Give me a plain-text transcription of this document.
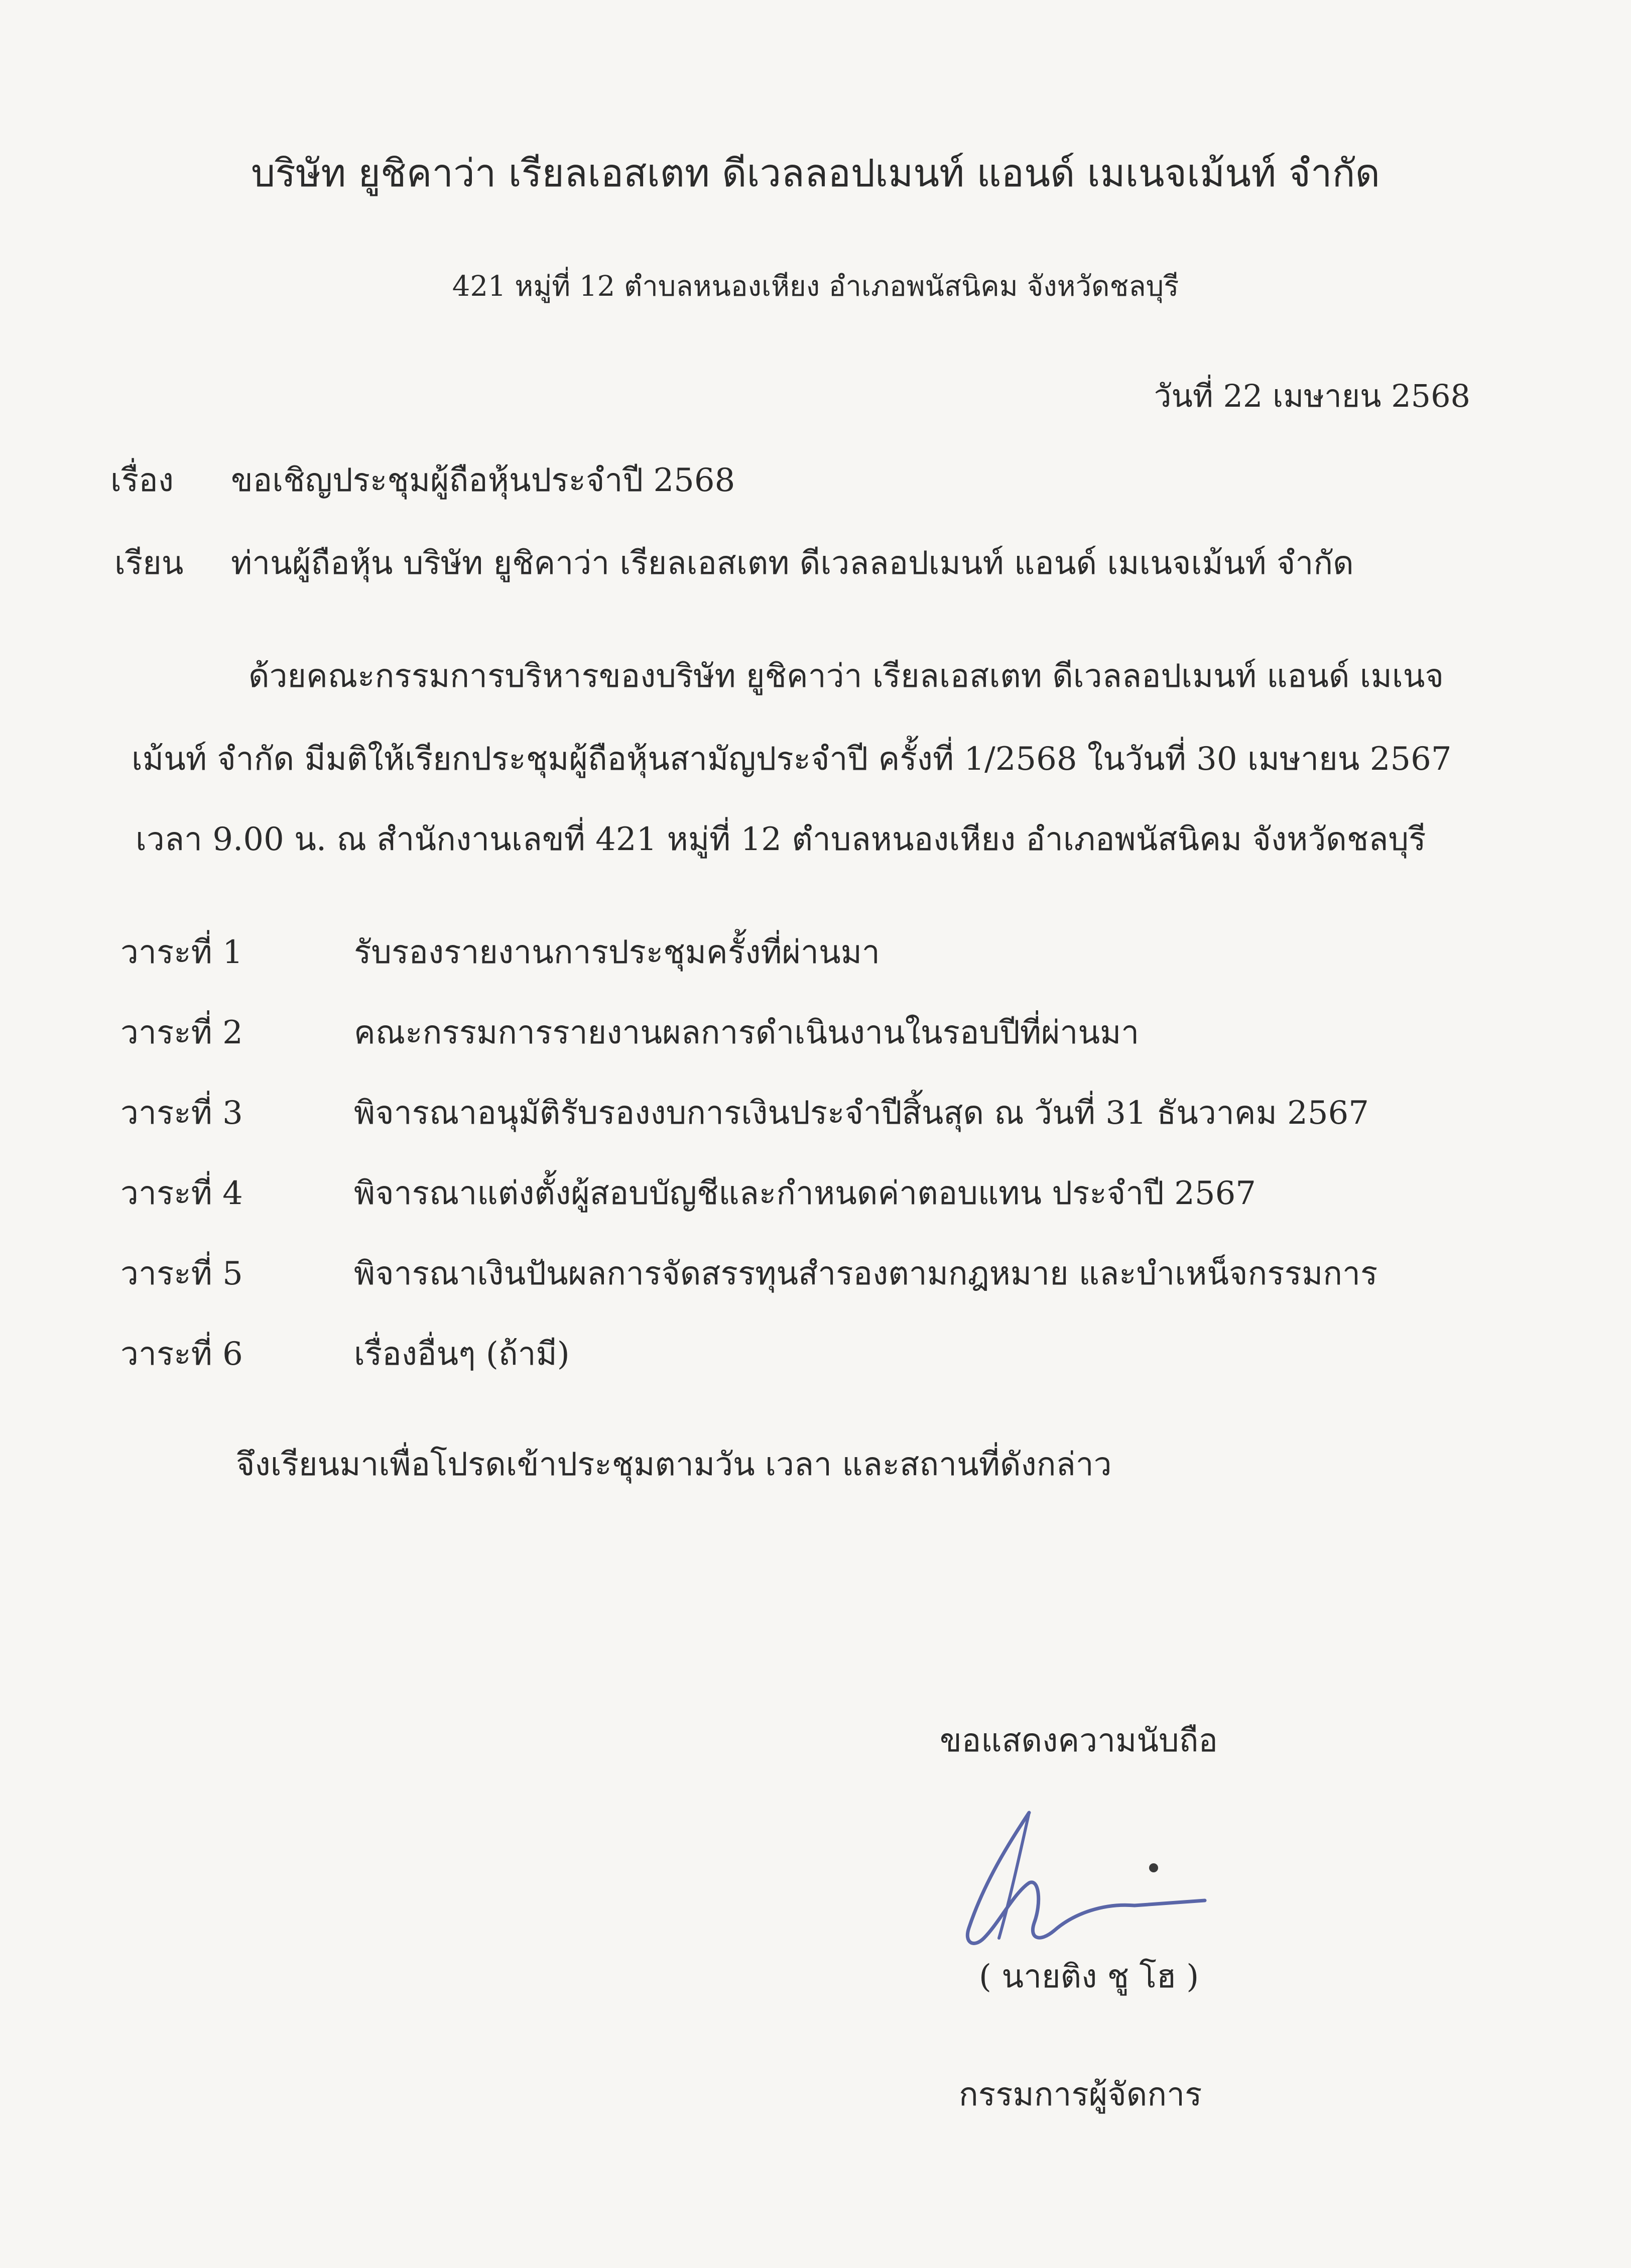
บริษัท ยูชิคาว่า เรียลเอสเตท ดีเวลลอปเมนท์ แอนด์ เมเนจเม้นท์ จำกัด
421 หมู่ที่ 12 ตำบลหนองเหียง อำเภอพนัสนิคม จังหวัดชลบุรี
วันที่ 22 เมษายน 2568
เรื่อง ขอเชิญประชุมผู้ถือหุ้นประจำปี 2568
เรียน ท่านผู้ถือหุ้น บริษัท ยูชิคาว่า เรียลเอสเตท ดีเวลลอปเมนท์ แอนด์ เมเนจเม้นท์ จำกัด
ด้วยคณะกรรมการบริหารของบริษัท ยูชิคาว่า เรียลเอสเตท ดีเวลลอปเมนท์ แอนด์ เมเนจ
เม้นท์ จำกัด มีมติให้เรียกประชุมผู้ถือหุ้นสามัญประจำปี ครั้งที่ 1/2568 ในวันที่ 30 เมษายน 2567
เวลา 9.00 น. ณ สำนักงานเลขที่ 421 หมู่ที่ 12 ตำบลหนองเหียง อำเภอพนัสนิคม จังหวัดชลบุรี
วาระที่ 1	รับรองรายงานการประชุมครั้งที่ผ่านมา
วาระที่ 2	คณะกรรมการรายงานผลการดำเนินงานในรอบปีที่ผ่านมา
วาระที่ 3	พิจารณาอนุมัติรับรองงบการเงินประจำปีสิ้นสุด ณ วันที่ 31 ธันวาคม 2567
วาระที่ 4	พิจารณาแต่งตั้งผู้สอบบัญชีและกำหนดค่าตอบแทน ประจำปี 2567
วาระที่ 5	พิจารณาเงินปันผลการจัดสรรทุนสำรองตามกฎหมาย และบำเหน็จกรรมการ
วาระที่ 6	เรื่องอื่นๆ (ถ้ามี)
จึงเรียนมาเพื่อโปรดเข้าประชุมตามวัน เวลา และสถานที่ดังกล่าว
ขอแสดงความนับถือ
( นายติง ชู โฮ )
กรรมการผู้จัดการ
